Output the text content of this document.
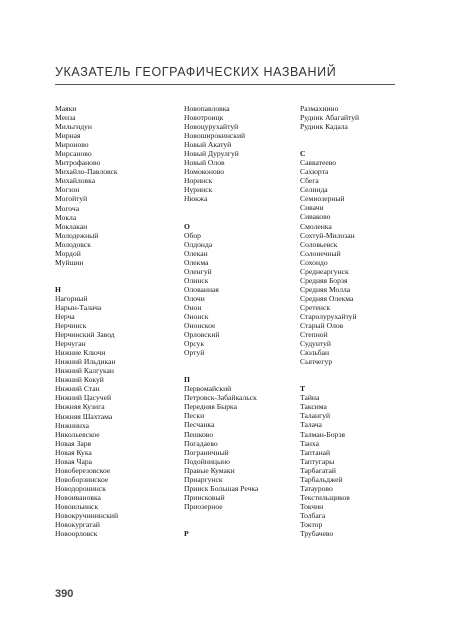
УКАЗАТЕЛЬ ГЕОГРАФИЧЕСКИХ НАЗВАНИЙ
Маяки
Менза
Мильгидун
Мирная
Мироново
Мирсаново
Митрофаново
Михайло-Павловск
Михайловка
Могзон
Могойтуй
Могоча
Мокла
Моклакан
Молодежный
Молодовск
Мордой
Муйшин
Н
Нагорный
Нарын-Талача
Нерча
Нерчинск
Нерчинский Завод
Нерчуган
Нижние Ключи
Нижний Ильдикан
Нижний Калгукан
Нижний Кокуй
Нижний Стан
Нижний Цасучей
Нижняя Кузига
Нижняя Шахтама
Нижнинха
Никольевское
Новая Заря
Новая Кука
Новая Чара
Новоберезовское
Новоборзинское
Новодоронинск
Новоивановка
Новоильинск
Новокручининский
Новокургатай
Новоорловск
Новопавловка
Новотроицк
Новоцурухайтуй
Новоширокинский
Новый Акатуй
Новый Дурулгуй
Новый Олов
Номоконово
Норинск
Нуринск
Нюкжа
О
Обор
Олдонда
Олекан
Олекма
Оленгуй
Олинск
Олованная
Олочи
Онон
Ононск
Ононское
Орловский
Орсук
Ортуй
П
Первомайский
Петровск-Забайкальск
Передняя Бырка
Пески
Песчанка
Пешково
Погадаево
Пограничный
Подойницыно
Правые Кумаки
Приаргунск
Прииск Большая Речка
Приисковый
Приозерное
Р
Размахнино
Рудник Абагайтуй
Рудник Кадала
С
Савватеево
Сахюрта
Сбега
Селинда
Семиозерный
Сивачи
Сиваково
Смоленка
Сохтуй-Милозан
Соловьевск
Солонечный
Сохондо
Среднеаргунск
Средняя Борзя
Средняя Молла
Средняя Олекма
Сретенск
Старолурухайтуй
Старый Олов
Степной
Судунтуй
Сюльбан
Сыпчегур
Т
Тайна
Таксима
Талангуй
Талача
Талман-Борзя
Танха
Таптанай
Таптугары
Тарбагатай
Тарбальджей
Татаурово
Текстильщиков
Токчин
Толбага
Токтор
Трубачево
390
